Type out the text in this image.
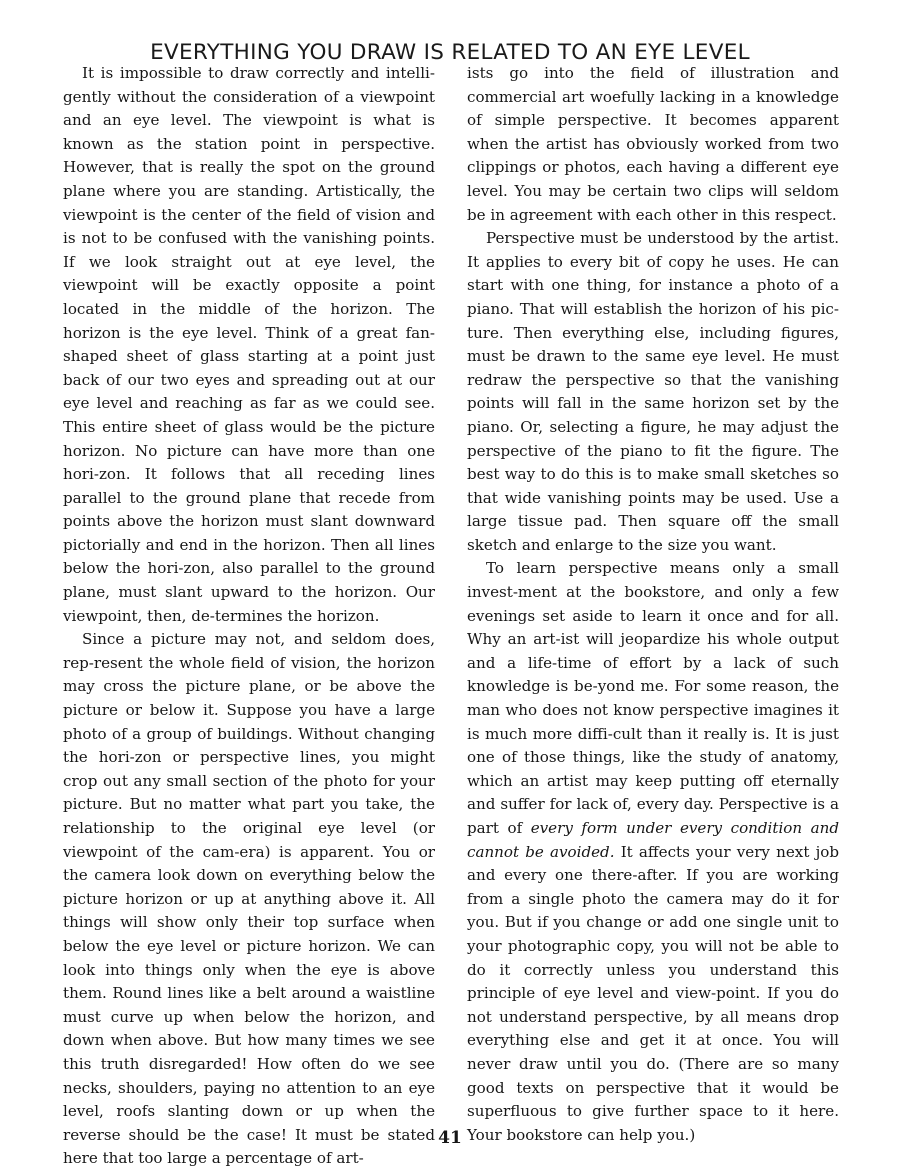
EVERYTHING YOU DRAW IS RELATED TO AN EYE LEVEL

It is impossible to draw correctly and intelli-gently without the consideration of a viewpoint and an eye level. The viewpoint is what is known as the station point in perspective. However, that is really the spot on the ground plane where you are standing. Artistically, the viewpoint is the center of the field of vision and is not to be confused with the vanishing points. If we look straight out at eye level, the viewpoint will be exactly opposite a point located in the middle of the horizon. The horizon is the eye level. Think of a great fan-shaped sheet of glass starting at a point just back of our two eyes and spreading out at our eye level and reaching as far as we could see. This entire sheet of glass would be the picture horizon. No picture can have more than one hori-zon. It follows that all receding lines parallel to the ground plane that recede from points above the horizon must slant downward pictorially and end in the horizon. Then all lines below the hori-zon, also parallel to the ground plane, must slant upward to the horizon. Our viewpoint, then, de-termines the horizon.

Since a picture may not, and seldom does, rep-resent the whole field of vision, the horizon may cross the picture plane, or be above the picture or below it. Suppose you have a large photo of a group of buildings. Without changing the hori-zon or perspective lines, you might crop out any small section of the photo for your picture. But no matter what part you take, the relationship to the original eye level (or viewpoint of the cam-era) is apparent. You or the camera look down on everything below the picture horizon or up at anything above it. All things will show only their top surface when below the eye level or picture horizon. We can look into things only when the eye is above them. Round lines like a belt around a waistline must curve up when below the horizon, and down when above. But how many times we see this truth disregarded! How often do we see necks, shoulders, paying no attention to an eye level, roofs slanting down or up when the reverse should be the case! It must be stated here that too large a percentage of art-

ists go into the field of illustration and commercial art woefully lacking in a knowledge of simple perspective. It becomes apparent when the artist has obviously worked from two clippings or photos, each having a different eye level. You may be certain two clips will seldom be in agreement with each other in this respect.

Perspective must be understood by the artist. It applies to every bit of copy he uses. He can start with one thing, for instance a photo of a piano. That will establish the horizon of his pic-ture. Then everything else, including figures, must be drawn to the same eye level. He must redraw the perspective so that the vanishing points will fall in the same horizon set by the piano. Or, selecting a figure, he may adjust the perspective of the piano to fit the figure. The best way to do this is to make small sketches so that wide vanishing points may be used. Use a large tissue pad. Then square off the small sketch and enlarge to the size you want.

To learn perspective means only a small invest-ment at the bookstore, and only a few evenings set aside to learn it once and for all. Why an art-ist will jeopardize his whole output and a life-time of effort by a lack of such knowledge is be-yond me. For some reason, the man who does not know perspective imagines it is much more diffi-cult than it really is. It is just one of those things, like the study of anatomy, which an artist may keep putting off eternally and suffer for lack of, every day. Perspective is a part of every form under every condition and cannot be avoided. It affects your very next job and every one there-after. If you are working from a single photo the camera may do it for you. But if you change or add one single unit to your photographic copy, you will not be able to do it correctly unless you understand this principle of eye level and view-point. If you do not understand perspective, by all means drop everything else and get it at once. You will never draw until you do. (There are so many good texts on perspective that it would be superfluous to give further space to it here. Your bookstore can help you.)

41
